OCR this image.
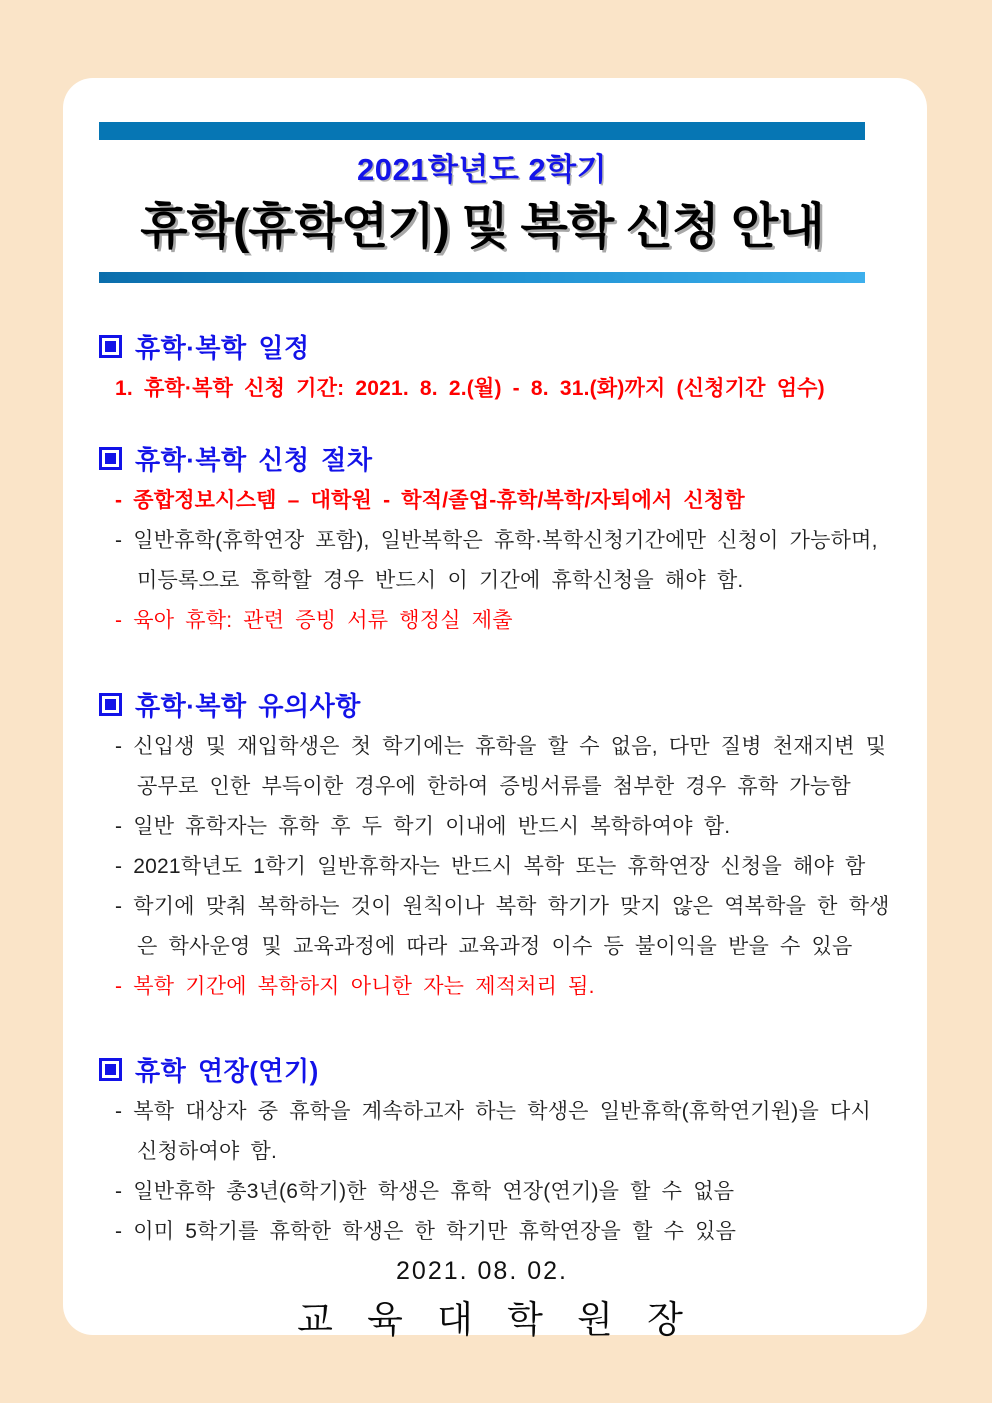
2021학년도 2학기
휴학(휴학연기) 및 복학 신청 안내
휴학·복학 일정
1. 휴학·복학 신청 기간: 2021. 8. 2.(월) - 8. 31.(화)까지 (신청기간 엄수)
휴학·복학 신청 절차
- 종합정보시스템 – 대학원 - 학적/졸업-휴학/복학/자퇴에서 신청함
- 일반휴학(휴학연장 포함), 일반복학은 휴학·복학신청기간에만 신청이 가능하며,
미등록으로 휴학할 경우 반드시 이 기간에 휴학신청을 해야 함.
- 육아 휴학: 관련 증빙 서류 행정실 제출
휴학·복학 유의사항
- 신입생 및 재입학생은 첫 학기에는 휴학을 할 수 없음, 다만 질병 천재지변 및
공무로 인한 부득이한 경우에 한하여 증빙서류를 첨부한 경우 휴학 가능함
- 일반 휴학자는 휴학 후 두 학기 이내에 반드시 복학하여야 함.
- 2021학년도 1학기 일반휴학자는 반드시 복학 또는 휴학연장 신청을 해야 함
- 학기에 맞춰 복학하는 것이 원칙이나 복학 학기가 맞지 않은 역복학을 한 학생
은 학사운영 및 교육과정에 따라 교육과정 이수 등 불이익을 받을 수 있음
- 복학 기간에 복학하지 아니한 자는 제적처리 됨.
휴학 연장(연기)
- 복학 대상자 중 휴학을 계속하고자 하는 학생은 일반휴학(휴학연기원)을 다시
신청하여야 함.
- 일반휴학 총3년(6학기)한 학생은 휴학 연장(연기)을 할 수 없음
- 이미 5학기를 휴학한 학생은 한 학기만 휴학연장을 할 수 있음
2021. 08. 02.
교 육 대 학 원 장
